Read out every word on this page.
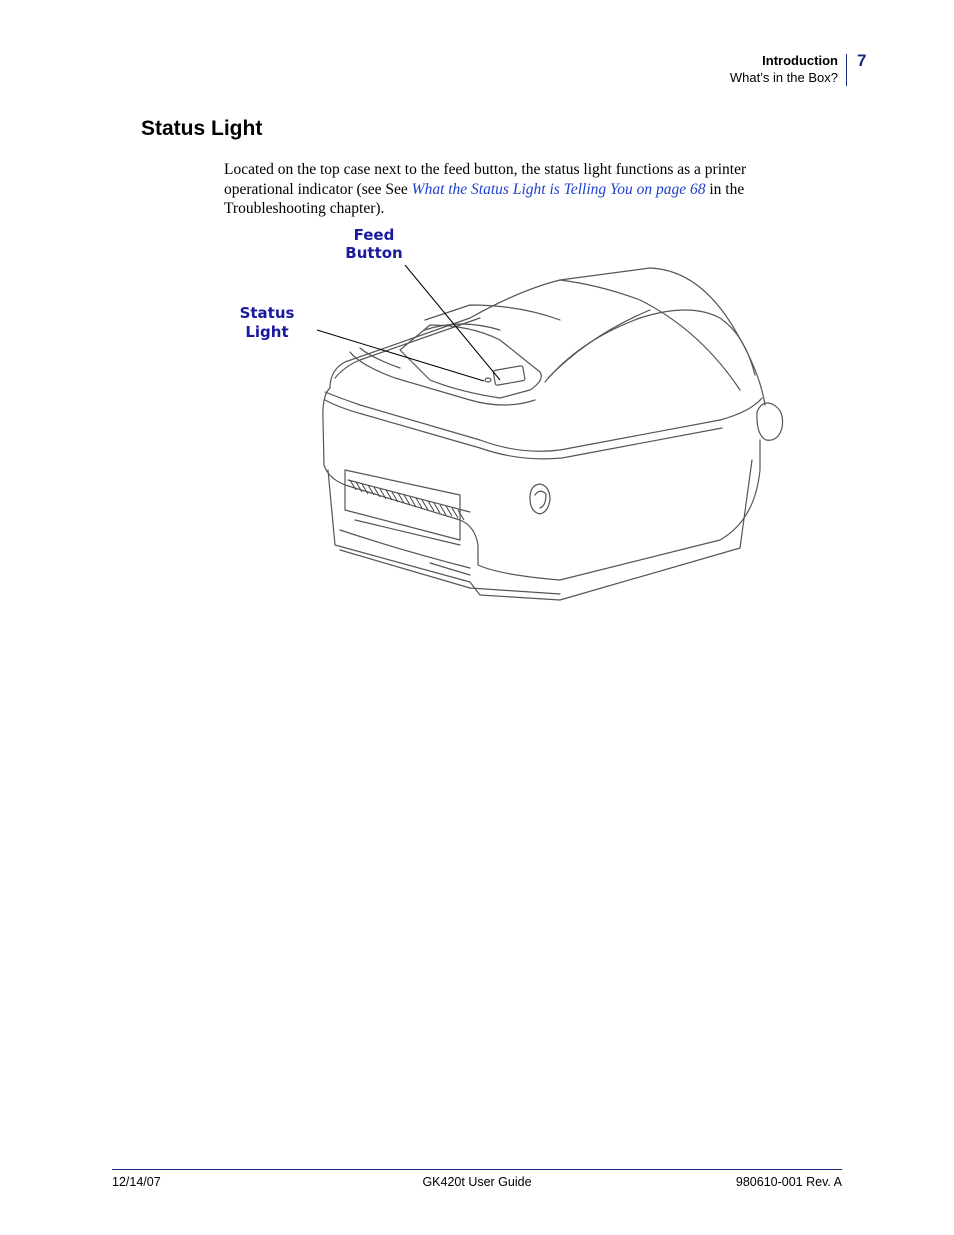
Introduction
What’s in the Box?
7
Status Light

Located on the top case next to the feed button, the status light functions as a printer operational indicator (see See What the Status Light is Telling You on page 68 in the Troubleshooting chapter).

Feed
Button
Status
Light
12/14/07	GK420t User Guide	980610-001 Rev. A
